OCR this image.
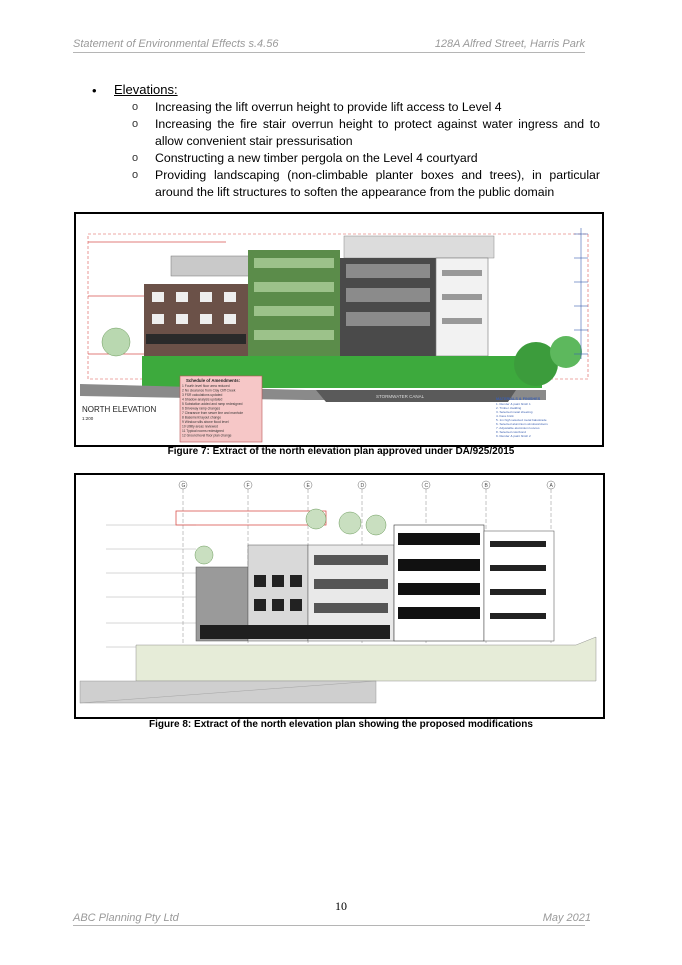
Statement of Environmental Effects s.4.56	128A Alfred Street, Harris Park
• Elevations:
o Increasing the lift overrun height to provide lift access to Level 4
o Increasing the fire stair overrun height to protect against water ingress and to allow convenient stair pressurisation
o Constructing a new timber pergola on the Level 4 courtyard
o Providing landscaping (non-climbable planter boxes and trees), in particular around the lift structures to soften the appearance from the public domain
NORTH ELEVATION
1:200
STORMWATER CANAL
Schedule of Amendments:
1 Fourth level floor area reduced
2 No clearance from Clay Cliff Creek
3 FSR calculations updated
4 Shadow analysis updated
5 Substation added and ramp redesigned
6 Driveway ramp changes
7 Clearance from sewer line and manhole
8 Basement layout change
9 Window sills above flood level
10 Utility areas reviewed
11 Typical rooms redesigned
12 Ground level floor plan change
MATERIALS & FINISHES
1. Render & paint finish 1
2. Timber cladding
3. Selected metal sheeting
4. Face brick
5. 1m high selected metal balustrade
6. Selected aluminium windows/doors
7. Adjustable aluminium louvres
8. Selected colorbond
9. Render & paint finish 2
Figure 7: Extract of the north elevation plan approved under DA/925/2015
G	F	E	D	C	B	A
Figure 8: Extract of the north elevation plan showing the proposed modifications
10
ABC Planning Pty Ltd	May 2021
